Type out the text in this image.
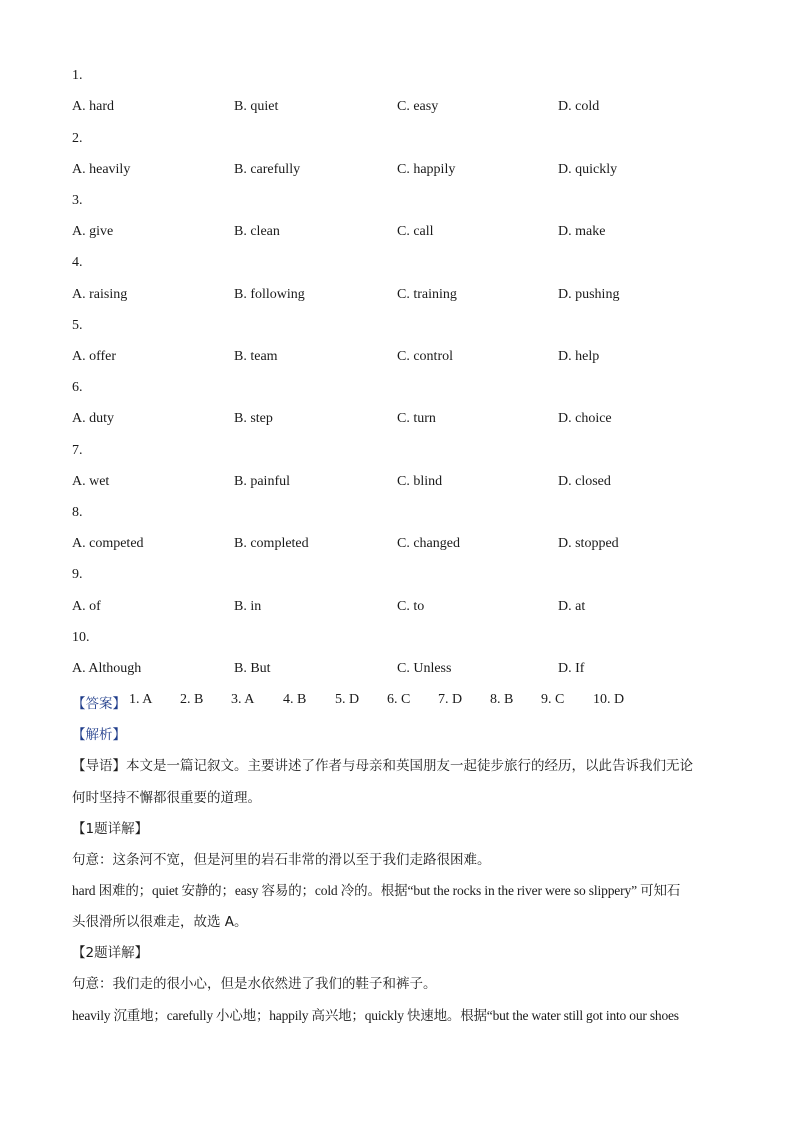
1.
A. hard	B. quiet	C. easy	D. cold
2.
A. heavily	B. carefully	C. happily	D. quickly
3.
A. give	B. clean	C. call	D. make
4.
A. raising	B. following	C. training	D. pushing
5.
A. offer	B. team	C. control	D. help
6.
A. duty	B. step	C. turn	D. choice
7.
A. wet	B. painful	C. blind	D. closed
8.
A. competed	B. completed	C. changed	D. stopped
9.
A. of	B. in	C. to	D. at
10.
A. Although	B. But	C. Unless	D. If
【答案】 1. A 2. B 3. A 4. B 5. D 6. C 7. D 8. B 9. C 10. D
【解析】
【导语】本文是一篇记叙文。主要讲述了作者与母亲和英国朋友一起徒步旅行的经历，以此告诉我们无论
何时坚持不懈都很重要的道理。
【1题详解】
句意：这条河不宽，但是河里的岩石非常的滑以至于我们走路很困难。
hard 困难的；quiet 安静的；easy 容易的；cold 冷的。根据“but the rocks in the river were so slippery” 可知石
头很滑所以很难走，故选 A。
【2题详解】
句意：我们走的很小心，但是水依然进了我们的鞋子和裤子。
heavily 沉重地；carefully 小心地；happily 高兴地；quickly 快速地。根据“but the water still got into our shoes
